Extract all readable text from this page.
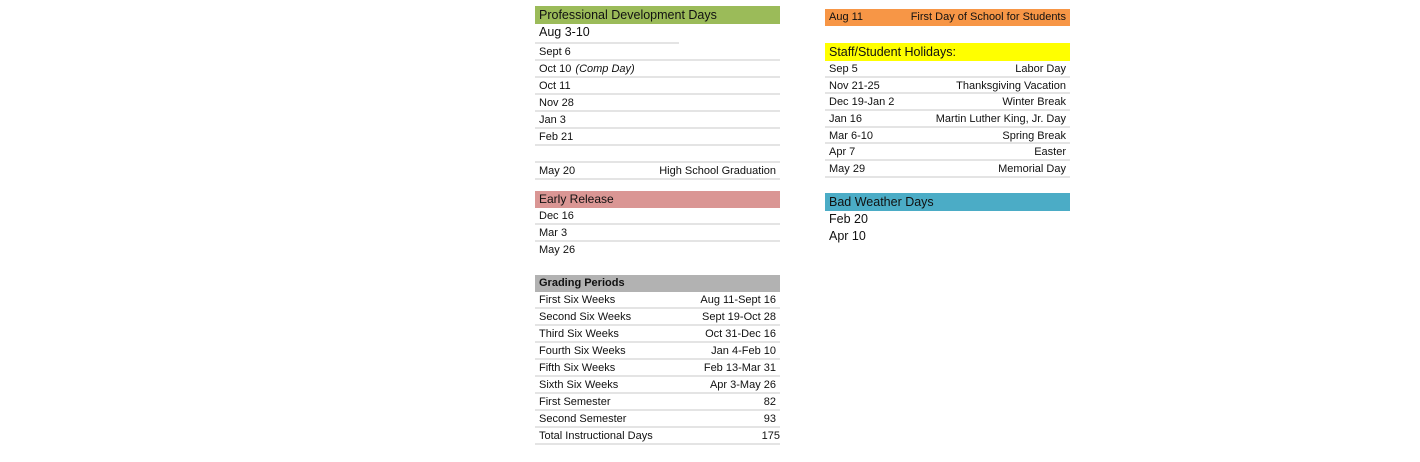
Professional Development Days
Aug 3-10
Sept 6
Oct 10 (Comp Day)
Oct 11
Nov 28
Jan 3
Feb 21
May 20	High School Graduation
Early Release
Dec 16
Mar 3
May 26
Grading Periods
First Six Weeks	Aug 11-Sept 16
Second Six Weeks	Sept 19-Oct 28
Third Six Weeks	Oct 31-Dec 16
Fourth Six Weeks	Jan 4-Feb 10
Fifth Six Weeks	Feb 13-Mar 31
Sixth Six Weeks	Apr 3-May 26
First Semester	82
Second Semester	93
Total Instructional Days	175
Aug 11	First Day of School for Students
Staff/Student Holidays:
Sep 5	Labor Day
Nov 21-25	Thanksgiving Vacation
Dec 19-Jan 2	Winter Break
Jan 16	Martin Luther King, Jr. Day
Mar 6-10	Spring Break
Apr 7	Easter
May 29	Memorial Day
Bad Weather Days
Feb 20
Apr 10
